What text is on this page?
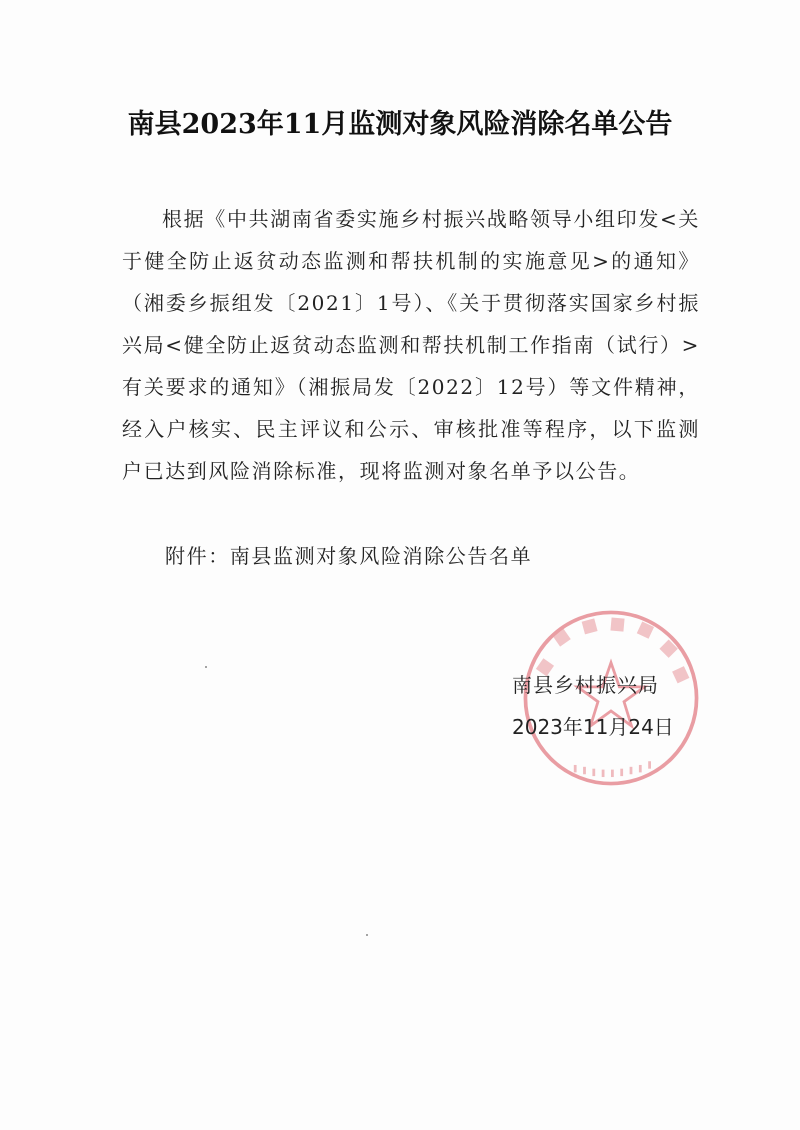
南县2023年11月监测对象风险消除名单公告

根据《中共湖南省委实施乡村振兴战略领导小组印发<关于健全防止返贫动态监测和帮扶机制的实施意见>的通知》（湘委乡振组发〔2021〕1号）、《关于贯彻落实国家乡村振兴局<健全防止返贫动态监测和帮扶机制工作指南（试行）>有关要求的通知》（湘振局发〔2022〕12号）等文件精神，经入户核实、民主评议和公示、审核批准等程序，以下监测户已达到风险消除标准，现将监测对象名单予以公告。

附件：南县监测对象风险消除公告名单
南县乡村振兴局
2023年11月24日
